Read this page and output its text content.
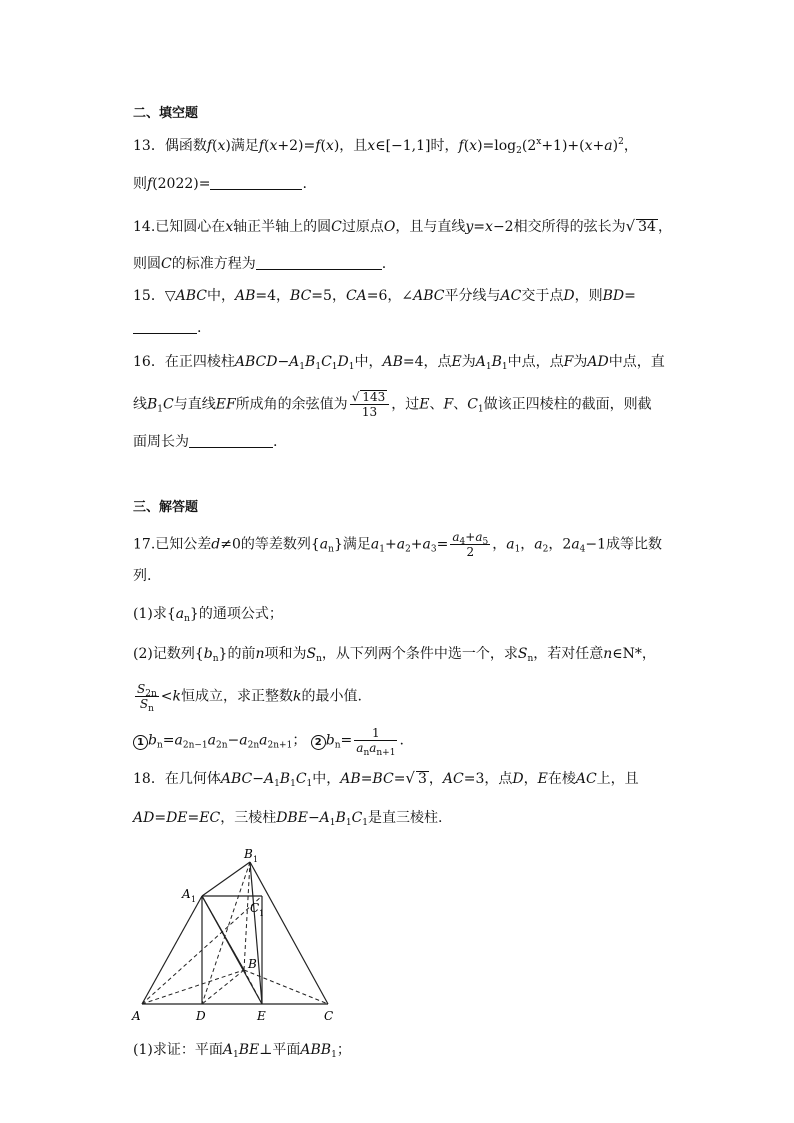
二、填空题
13．偶函数f(x)满足f(x+2)=f(x)，且x∈[−1,1]时，$f(x)=\log_2(2^x+1)+(x+a)^2$，
则f(2022)=	.
14.已知圆心在x轴正半轴上的圆C过原点O，且与直线y=x−2相交所得的弦长为√ 34 ，
则圆C的标准方程为	.
15．▽ABC中，AB=4，BC=5，CA=6，∠ABC平分线与AC交于点D，则BD=
.
16．在正四棱柱$ABCD-A_1B_1C_1D_1$中，AB=4，点E为$A_1B_1$中点，点F为AD中点，直
线$B_1C$与直线EF所成角的余弦值为 $\frac{√ 143}{13}$ ，过E、F、$C_1$做该正四棱柱的截面，则截
面周长为	.
三、解答题
17.已知公差d≠0的等差数列$\{a_n\}$满足$a_1+a_2+a_3= \frac{a_4+a_5}{2}$ ，$a_1$，$a_2$，$2a_4-1$成等比数
列.
(1)求$\{a_n\}$的通项公式；
(2)记数列$\{b_n\}$的前n项和为$S_n$，从下列两个条件中选一个，求$S_n$，若对任意n∈N*，
$\frac{S_{2n}}{S_n} <k$恒成立，求正整数k的最小值.
1 $b_n=a_{2n-1}a_{2n}-a_{2n}a_{2n+1}$； 2 $b_n= \frac{1}{a_na_{n+1}}$ .
18．在几何体$ABC-A_1B_1C_1$中，AB=BC=√ 3 ，AC=3，点D，E在棱AC上，且
AD=DE=EC，三棱柱$DBE-A_1B_1C_1$是直三棱柱.
A	D	E	C
B
A 1
B 1
C 1
(1)求证：平面$A_1BE\perp$平面$ABB_1$；
